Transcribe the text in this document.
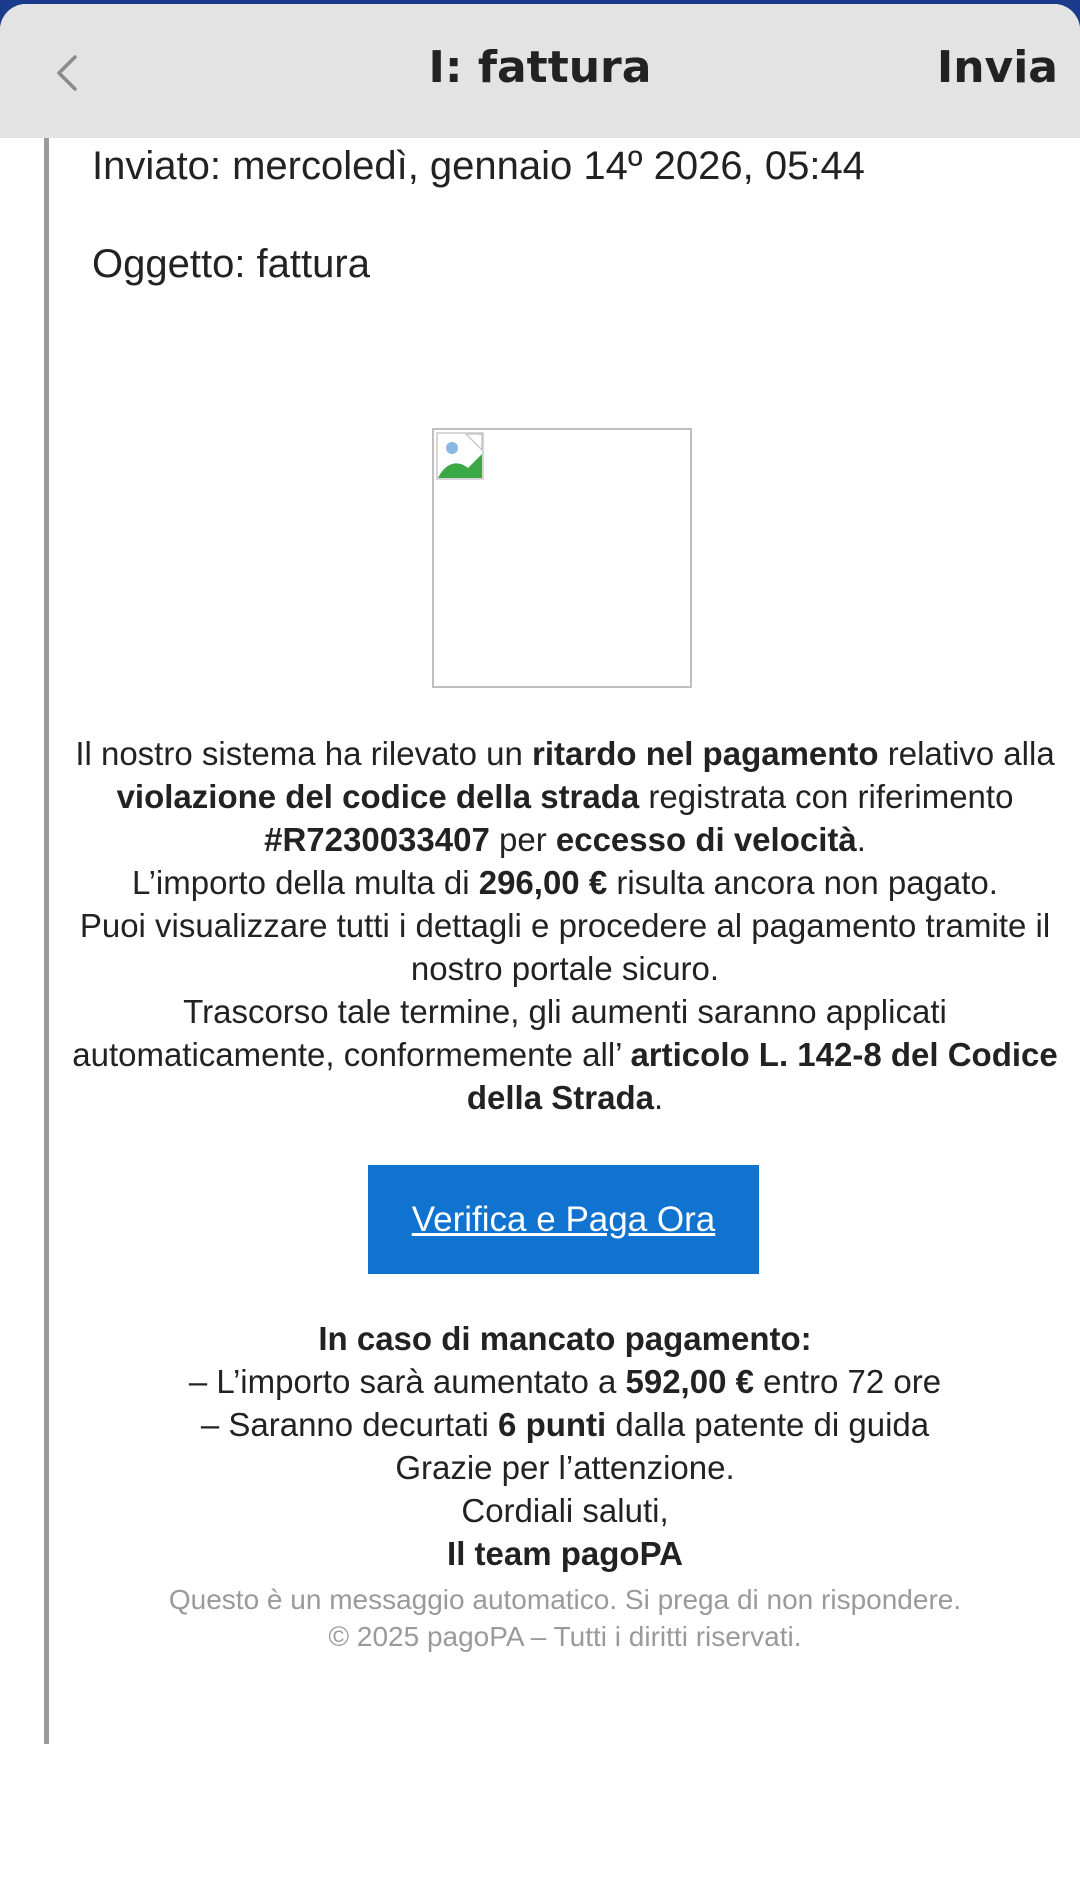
I: fattura	Invia
Inviato: mercoledì, gennaio 14º 2026, 05:44
Oggetto: fattura
Il nostro sistema ha rilevato un ritardo nel pagamento relativo alla violazione del codice della strada registrata con riferimento #R7230033407 per eccesso di velocità.
L’importo della multa di 296,00 € risulta ancora non pagato.
Puoi visualizzare tutti i dettagli e procedere al pagamento tramite il nostro portale sicuro.
Trascorso tale termine, gli aumenti saranno applicati automaticamente, conformemente all’ articolo L. 142-8 del Codice della Strada.
Verifica e Paga Ora
In caso di mancato pagamento:
– L’importo sarà aumentato a 592,00 € entro 72 ore
– Saranno decurtati 6 punti dalla patente di guida
Grazie per l’attenzione.
Cordiali saluti,
Il team pagoPA
Questo è un messaggio automatico. Si prega di non rispondere.
© 2025 pagoPA – Tutti i diritti riservati.
